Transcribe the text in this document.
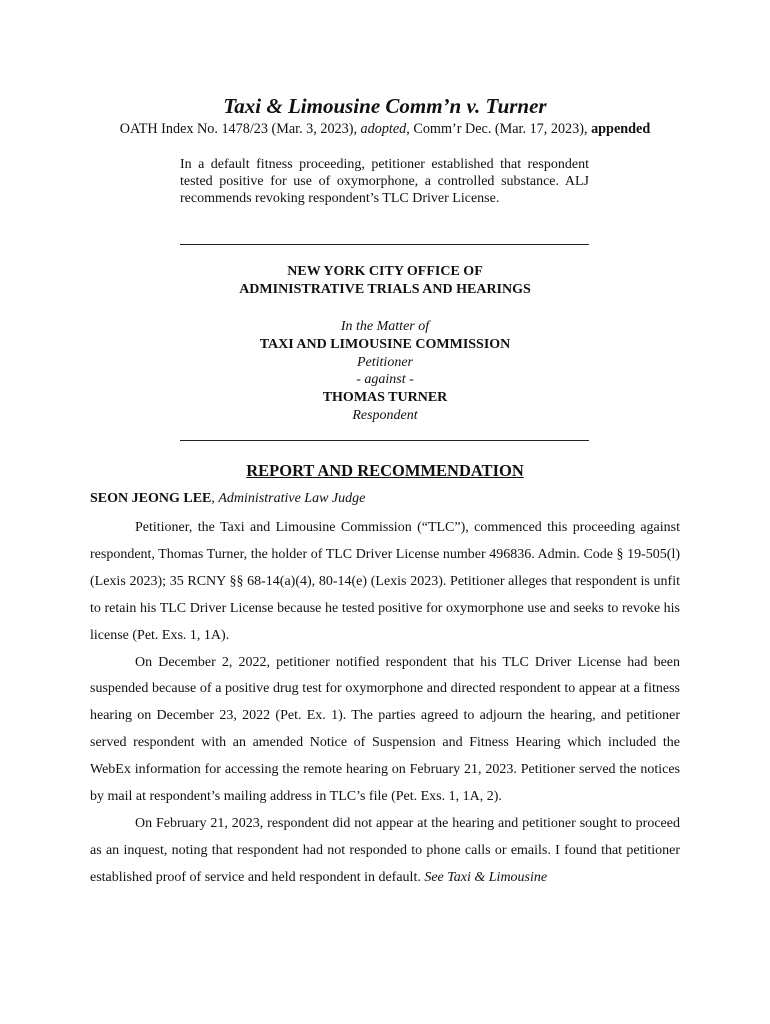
Taxi & Limousine Comm’n v. Turner
OATH Index No. 1478/23 (Mar. 3, 2023), adopted, Comm’r Dec. (Mar. 17, 2023), appended
In a default fitness proceeding, petitioner established that respondent tested positive for use of oxymorphone, a controlled substance. ALJ recommends revoking respondent’s TLC Driver License.
NEW YORK CITY OFFICE OF
ADMINISTRATIVE TRIALS AND HEARINGS
In the Matter of
TAXI AND LIMOUSINE COMMISSION
Petitioner
- against -
THOMAS TURNER
Respondent
REPORT AND RECOMMENDATION
SEON JEONG LEE, Administrative Law Judge

Petitioner, the Taxi and Limousine Commission (“TLC”), commenced this proceeding against respondent, Thomas Turner, the holder of TLC Driver License number 496836. Admin. Code § 19-505(l) (Lexis 2023); 35 RCNY §§ 68-14(a)(4), 80-14(e) (Lexis 2023). Petitioner alleges that respondent is unfit to retain his TLC Driver License because he tested positive for oxymorphone use and seeks to revoke his license (Pet. Exs. 1, 1A).

On December 2, 2022, petitioner notified respondent that his TLC Driver License had been suspended because of a positive drug test for oxymorphone and directed respondent to appear at a fitness hearing on December 23, 2022 (Pet. Ex. 1). The parties agreed to adjourn the hearing, and petitioner served respondent with an amended Notice of Suspension and Fitness Hearing which included the WebEx information for accessing the remote hearing on February 21, 2023. Petitioner served the notices by mail at respondent’s mailing address in TLC’s file (Pet. Exs. 1, 1A, 2).

On February 21, 2023, respondent did not appear at the hearing and petitioner sought to proceed as an inquest, noting that respondent had not responded to phone calls or emails. I found that petitioner established proof of service and held respondent in default. See Taxi & Limousine
